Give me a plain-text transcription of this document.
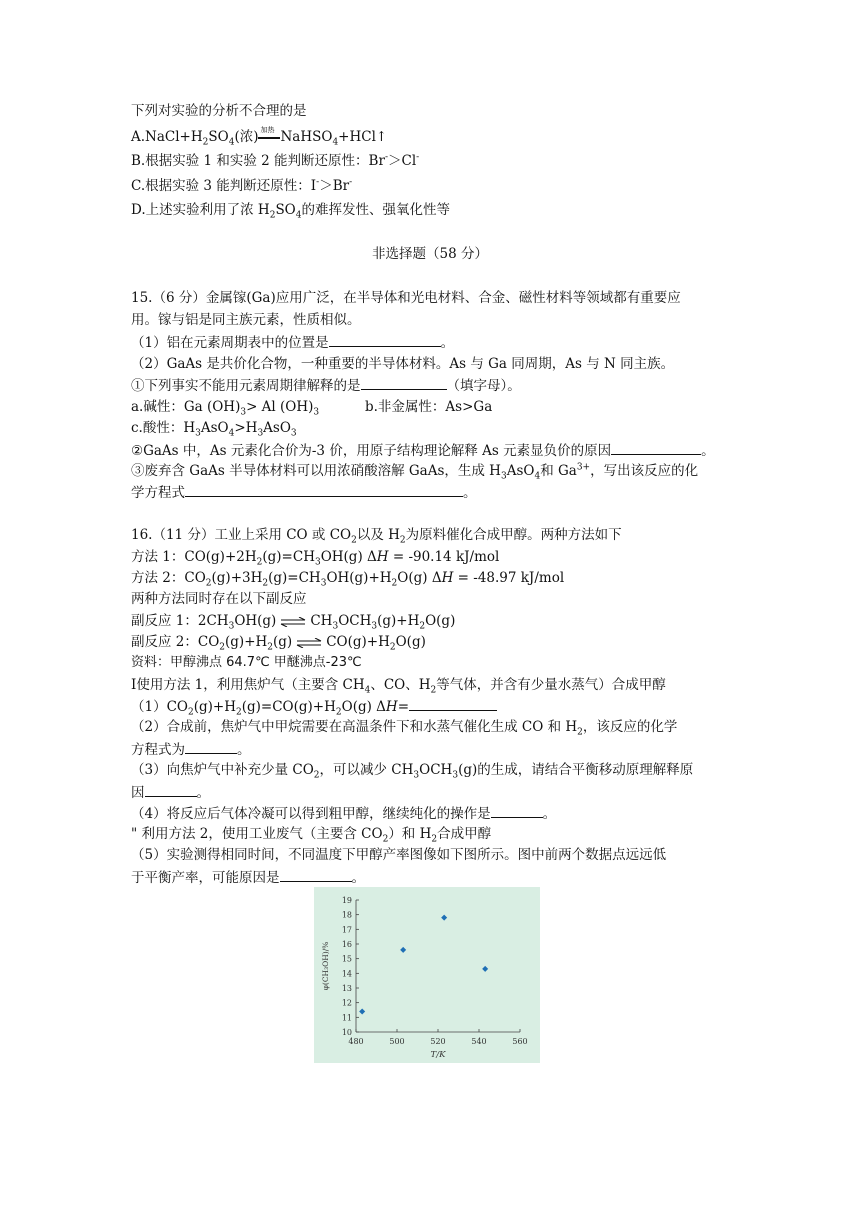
下列对实验的分析不合理的是
$A.NaCl+H_2SO_4$(浓) 加热 NaHSO$_4$+HCl↑
B.根据实验 1 和实验 2 能判断还原性：Br-＞Cl-
C.根据实验 3 能判断还原性：I-＞Br-
D.上述实验利用了浓 $H_2SO_4$的难挥发性、强氧化性等
非选择题（58 分）
15.（6 分）金属镓(Ga)应用广泛，在半导体和光电材料、合金、磁性材料等领域都有重要应
用。镓与铝是同主族元素，性质相似。
（1）铝在元素周期表中的位置是	。
（2）GaAs 是共价化合物，一种重要的半导体材料。As 与 Ga 同周期，As 与 N 同主族。
①下列事实不能用元素周期律解释的是	（填字母）。
a.碱性：Ga $(OH)_3> Al$ $(OH)_3$	b.非金属性：As>Ga
c.酸性：$H_3AsO_4>H_3AsO_3$
②GaAs 中，As 元素化合价为-3 价，用原子结构理论解释 As 元素显负价的原因	。
③废弃含 GaAs 半导体材料可以用浓硝酸溶解 GaAs，生成 $H_3AsO_4$和 $Ga^{3+}$，写出该反应的化
学方程式	。
16.（11 分）工业上采用 CO 或 $CO_2$以及 $H_2$为原料催化合成甲醇。两种方法如下
方法 1：$CO(g)+2H_2(g)=CH_3OH(g) \Delta H = -90.14$ kJ/mol
方法 2：$CO_2(g)+3H_2(g)=CH_3OH(g)+H_2O(g) \Delta H = -48.97$ kJ/mol
两种方法同时存在以下副反应
副反应 1：$2CH_3OH(g)$ ⇌ $CH_3OCH_3(g)+H_2O(g)$
副反应 2：$CO_2(g)+H_2(g)$ ⇌ $CO(g)+H_2O(g)$
资料：甲醇沸点 64.7℃ 甲醚沸点-23℃
Ⅰ使用方法 1，利用焦炉气（主要含 $CH_4$、CO、$H_2$等气体，并含有少量水蒸气）合成甲醇
$(1)CO_2(g)+H_2(g)=CO(g)+H_2O(g)$ ΔH=
（2）合成前，焦炉气中甲烷需要在高温条件下和水蒸气催化生成 CO 和 $H_2$，该反应的化学
方程式为	。
（3）向焦炉气中补充少量 $CO_2$，可以减少 $CH_3OCH_3(g)$的生成，请结合平衡移动原理解释原
因	。
（4）将反应后气体冷凝可以得到粗甲醇，继续纯化的操作是	。
" 利用方法 2，使用工业废气（主要含 $CO_2$）和 $H_2$合成甲醇
（5）实验测得相同时间，不同温度下甲醇产率图像如下图所示。图中前两个数据点远远低
于平衡产率，可能原因是	。
480	500	520	540	560
10
11
12
13
14
15
16
17
18
19
T/K
φ(CH₃OH)/%
